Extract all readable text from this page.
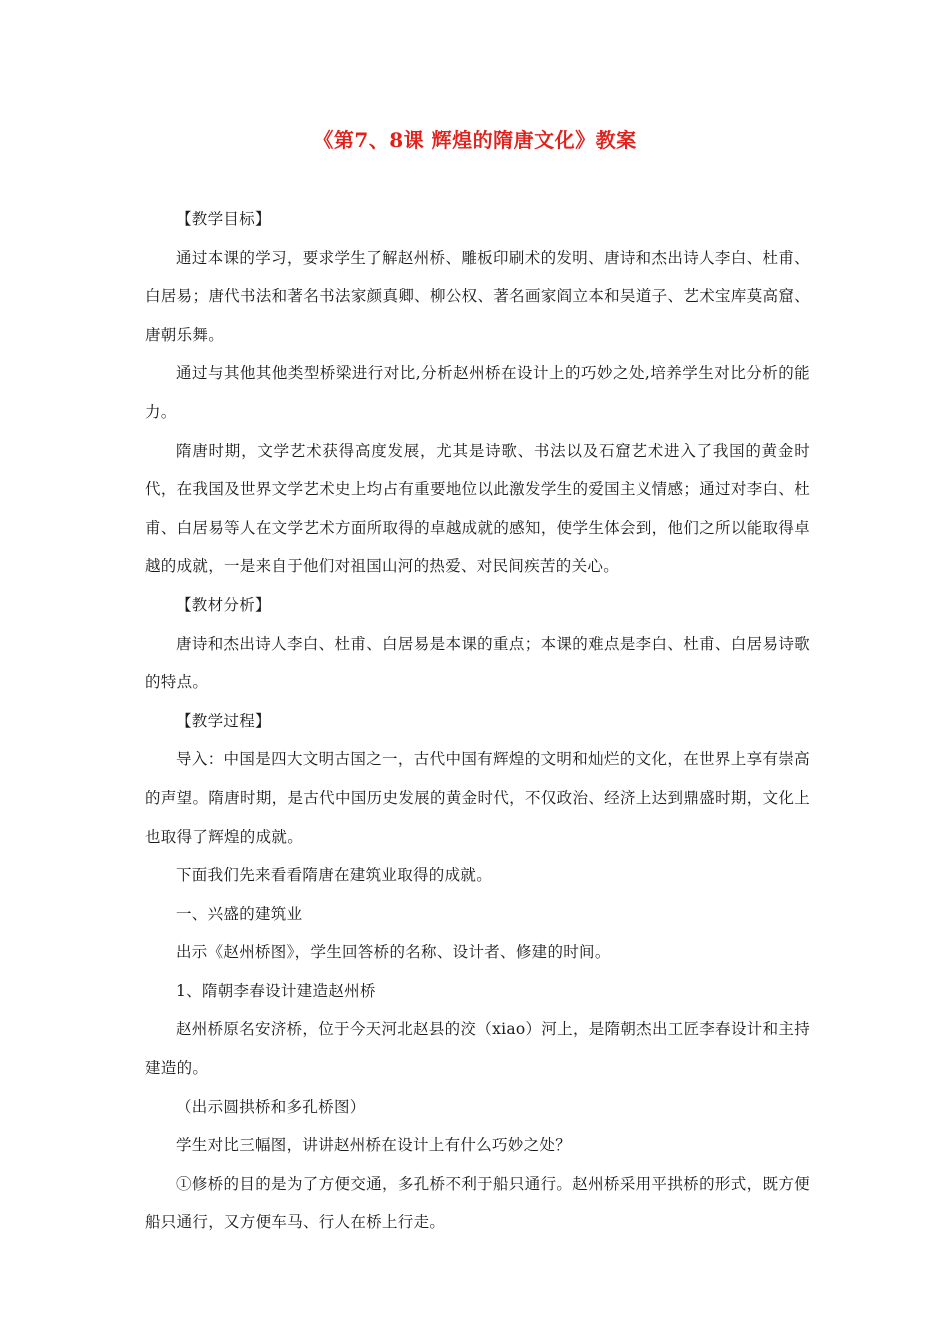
《第7、8课 辉煌的隋唐文化》教案

【教学目标】

通过本课的学习，要求学生了解赵州桥、雕板印刷术的发明、唐诗和杰出诗人李白、杜甫、白居易；唐代书法和著名书法家颜真卿、柳公权、著名画家阎立本和吴道子、艺术宝库莫高窟、唐朝乐舞。

通过与其他其他类型桥梁进行对比,分析赵州桥在设计上的巧妙之处,培养学生对比分析的能力。

隋唐时期，文学艺术获得高度发展，尤其是诗歌、书法以及石窟艺术进入了我国的黄金时代，在我国及世界文学艺术史上均占有重要地位以此激发学生的爱国主义情感；通过对李白、杜甫、白居易等人在文学艺术方面所取得的卓越成就的感知，使学生体会到，他们之所以能取得卓越的成就，一是来自于他们对祖国山河的热爱、对民间疾苦的关心。

【教材分析】

唐诗和杰出诗人李白、杜甫、白居易是本课的重点；本课的难点是李白、杜甫、白居易诗歌的特点。

【教学过程】

导入：中国是四大文明古国之一，古代中国有辉煌的文明和灿烂的文化，在世界上享有崇高的声望。隋唐时期，是古代中国历史发展的黄金时代，不仅政治、经济上达到鼎盛时期，文化上也取得了辉煌的成就。

下面我们先来看看隋唐在建筑业取得的成就。

一、兴盛的建筑业

出示《赵州桥图》，学生回答桥的名称、设计者、修建的时间。

1、隋朝李春设计建造赵州桥

赵州桥原名安济桥，位于今天河北赵县的洨（xiao）河上，是隋朝杰出工匠李春设计和主持建造的。

（出示圆拱桥和多孔桥图）

学生对比三幅图，讲讲赵州桥在设计上有什么巧妙之处？

①修桥的目的是为了方便交通，多孔桥不利于船只通行。赵州桥采用平拱桥的形式，既方便船只通行，又方便车马、行人在桥上行走。
